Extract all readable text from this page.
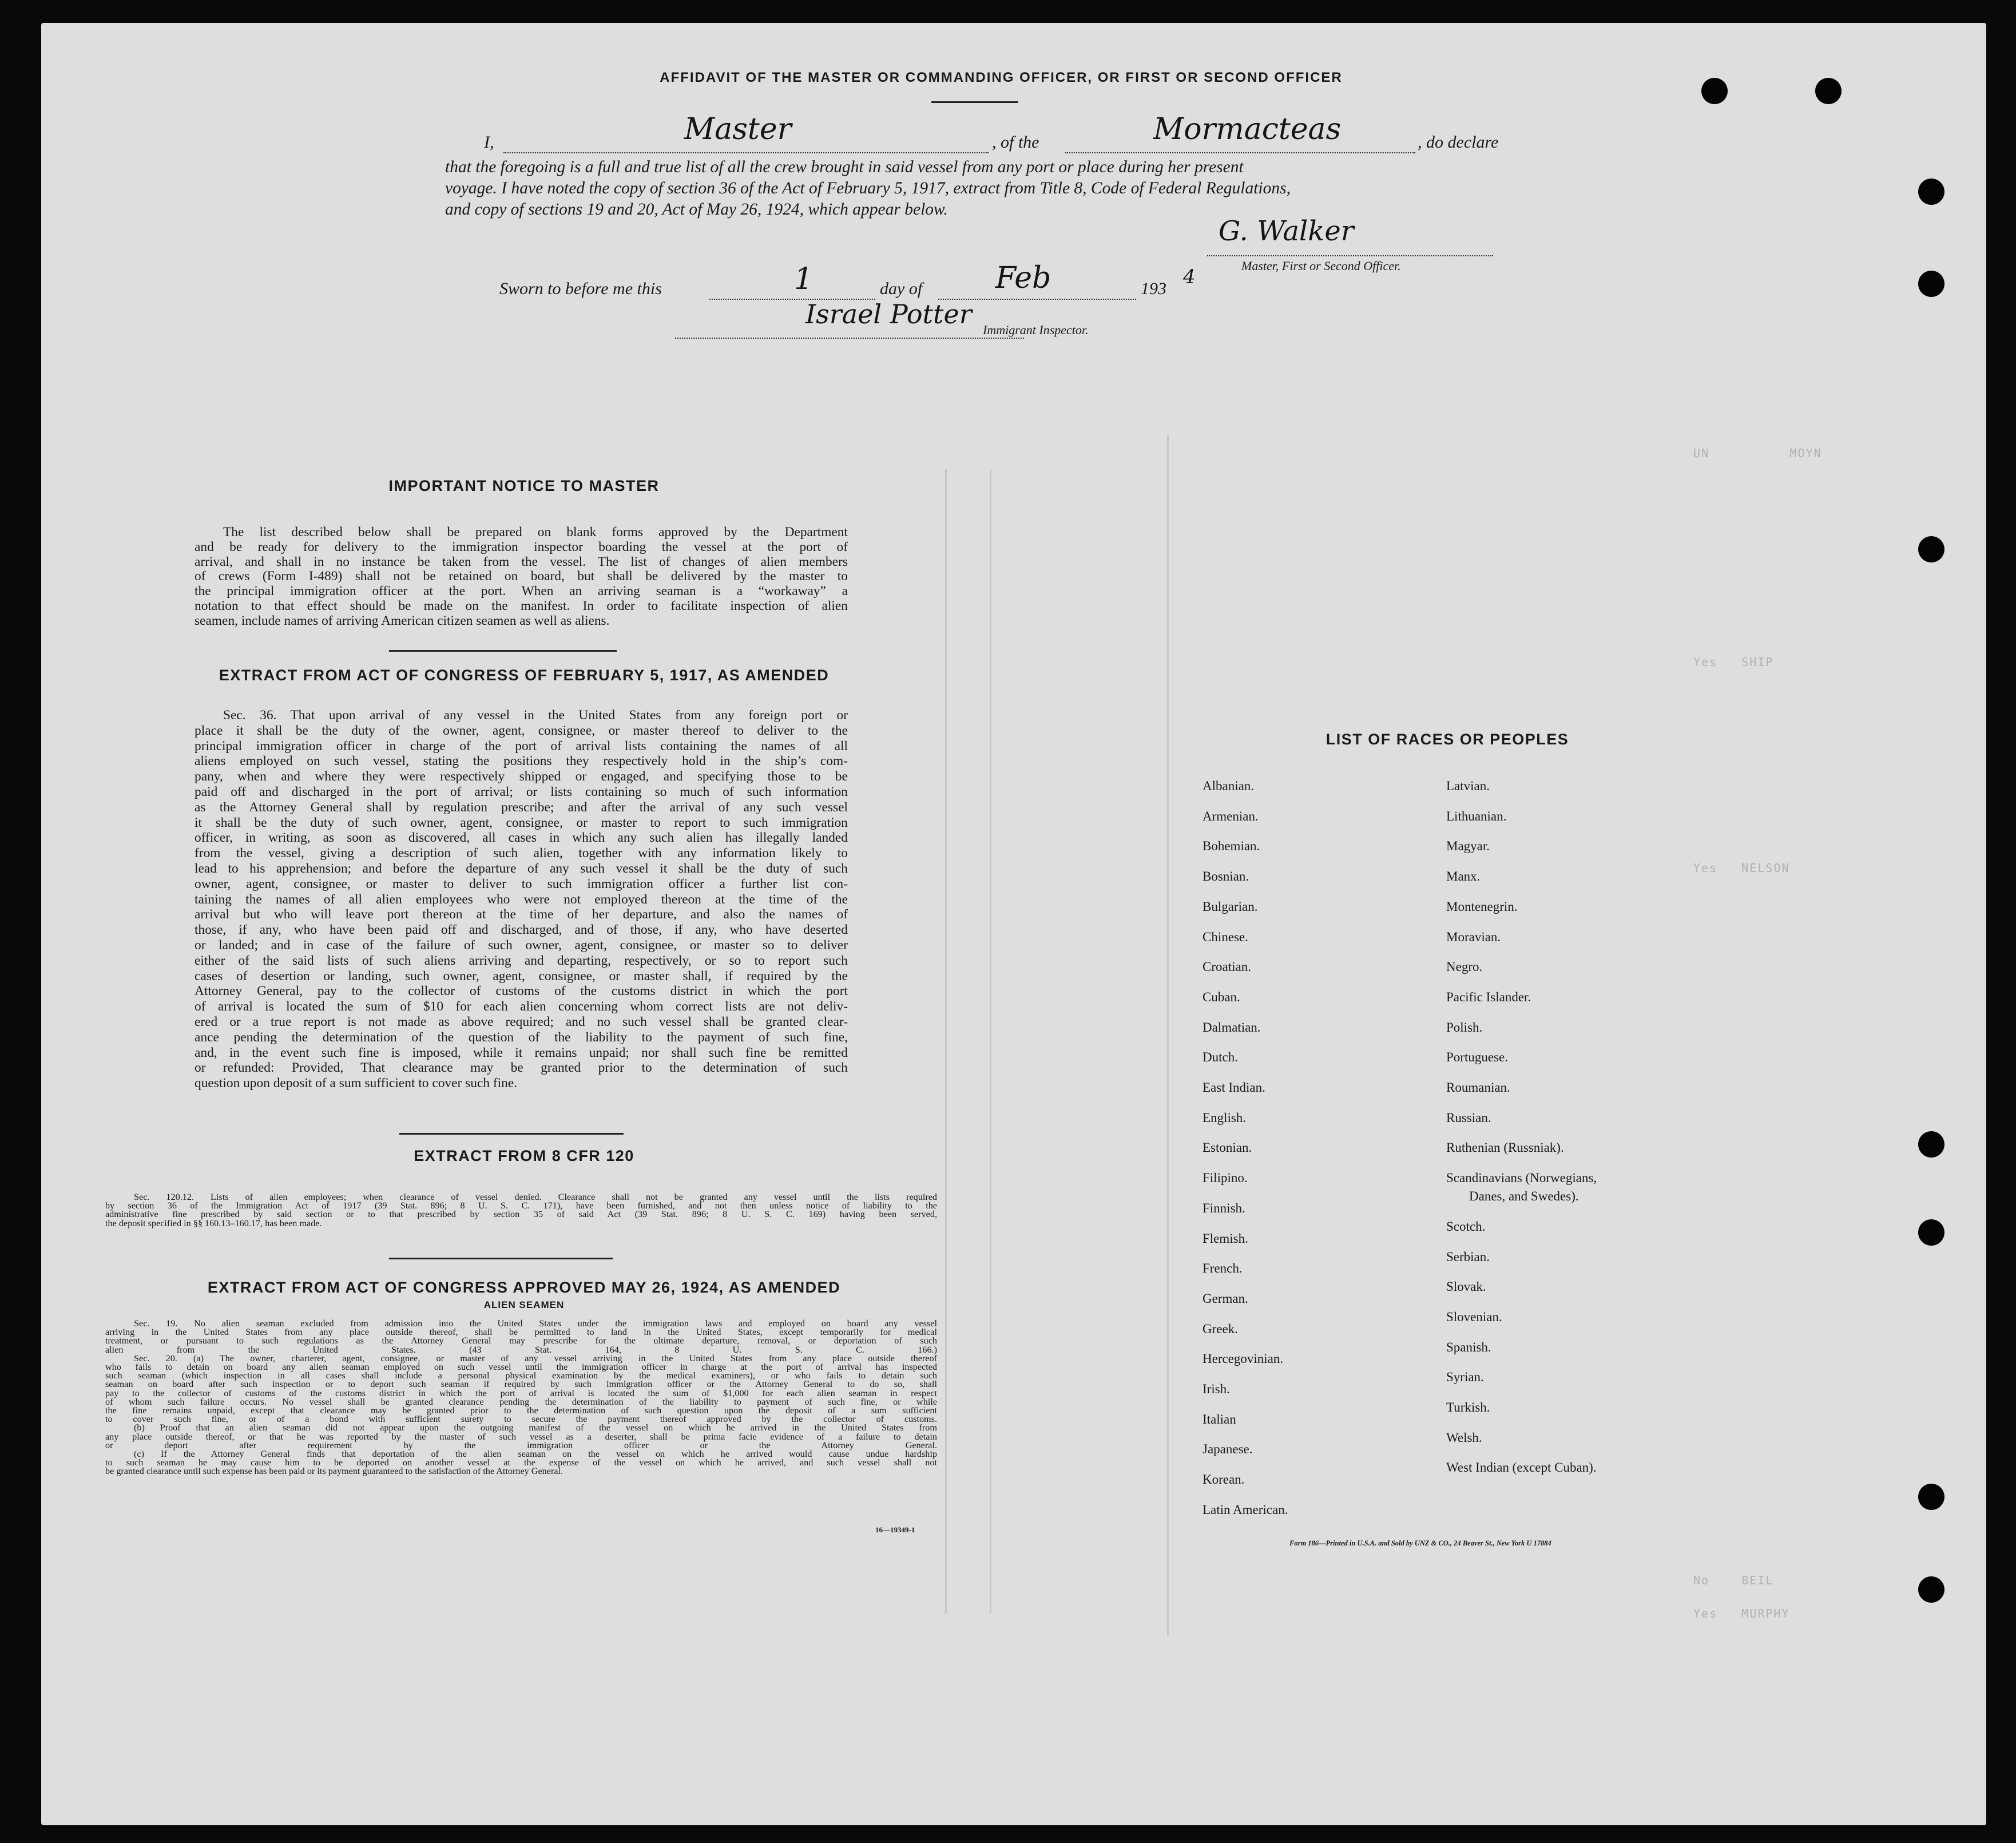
AFFIDAVIT OF THE MASTER OR COMMANDING OFFICER, OR FIRST OR SECOND OFFICER
I,	Master	, of the	Mormacteas	, do declare
that the foregoing is a full and true list of all the crew brought in said vessel from any port or place during her present
voyage. I have noted the copy of section 36 of the Act of February 5, 1917, extract from Title 8, Code of Federal Regulations,
and copy of sections 19 and 20, Act of May 26, 1924, which appear below.
G. Walker
Master, First or Second Officer.
Sworn to before me this	1	day of Feb	193
4
Israel Potter
Immigrant Inspector.
IMPORTANT NOTICE TO MASTER
The list described below shall be prepared on blank forms approved by the Department
and be ready for delivery to the immigration inspector boarding the vessel at the port of
arrival, and shall in no instance be taken from the vessel. The list of changes of alien members
of crews (Form I-489) shall not be retained on board, but shall be delivered by the master to
the principal immigration officer at the port. When an arriving seaman is a “workaway” a
notation to that effect should be made on the manifest. In order to facilitate inspection of alien
seamen, include names of arriving American citizen seamen as well as aliens.
EXTRACT FROM ACT OF CONGRESS OF FEBRUARY 5, 1917, AS AMENDED
Sec. 36. That upon arrival of any vessel in the United States from any foreign port or
place it shall be the duty of the owner, agent, consignee, or master thereof to deliver to the
principal immigration officer in charge of the port of arrival lists containing the names of all
aliens employed on such vessel, stating the positions they respectively hold in the ship’s com-
pany, when and where they were respectively shipped or engaged, and specifying those to be
paid off and discharged in the port of arrival; or lists containing so much of such information
as the Attorney General shall by regulation prescribe; and after the arrival of any such vessel
it shall be the duty of such owner, agent, consignee, or master to report to such immigration
officer, in writing, as soon as discovered, all cases in which any such alien has illegally landed
from the vessel, giving a description of such alien, together with any information likely to
lead to his apprehension; and before the departure of any such vessel it shall be the duty of such
owner, agent, consignee, or master to deliver to such immigration officer a further list con-
taining the names of all alien employees who were not employed thereon at the time of the
arrival but who will leave port thereon at the time of her departure, and also the names of
those, if any, who have been paid off and discharged, and of those, if any, who have deserted
or landed; and in case of the failure of such owner, agent, consignee, or master so to deliver
either of the said lists of such aliens arriving and departing, respectively, or so to report such
cases of desertion or landing, such owner, agent, consignee, or master shall, if required by the
Attorney General, pay to the collector of customs of the customs district in which the port
of arrival is located the sum of $10 for each alien concerning whom correct lists are not deliv-
ered or a true report is not made as above required; and no such vessel shall be granted clear-
ance pending the determination of the question of the liability to the payment of such fine,
and, in the event such fine is imposed, while it remains unpaid; nor shall such fine be remitted
or refunded: Provided, That clearance may be granted prior to the determination of such
question upon deposit of a sum sufficient to cover such fine.
EXTRACT FROM 8 CFR 120
Sec. 120.12. Lists of alien employees; when clearance of vessel denied. Clearance shall not be granted any vessel until the lists required
by section 36 of the Immigration Act of 1917 (39 Stat. 896; 8 U. S. C. 171), have been furnished, and not then unless notice of liability to the
administrative fine prescribed by said section or to that prescribed by section 35 of said Act (39 Stat. 896; 8 U. S. C. 169) having been served,
the deposit specified in §§ 160.13–160.17, has been made.
EXTRACT FROM ACT OF CONGRESS APPROVED MAY 26, 1924, AS AMENDED
ALIEN SEAMEN
Sec. 19. No alien seaman excluded from admission into the United States under the immigration laws and employed on board any vessel
arriving in the United States from any place outside thereof, shall be permitted to land in the United States, except temporarily for medical
treatment, or pursuant to such regulations as the Attorney General may prescribe for the ultimate departure, removal, or deportation of such
alien from the United States. (43 Stat. 164, 8 U. S. C. 166.)
Sec. 20. (a) The owner, charterer, agent, consignee, or master of any vessel arriving in the United States from any place outside thereof
who fails to detain on board any alien seaman employed on such vessel until the immigration officer in charge at the port of arrival has inspected
such seaman (which inspection in all cases shall include a personal physical examination by the medical examiners), or who fails to detain such
seaman on board after such inspection or to deport such seaman if required by such immigration officer or the Attorney General to do so, shall
pay to the collector of customs of the customs district in which the port of arrival is located the sum of $1,000 for each alien seaman in respect
of whom such failure occurs. No vessel shall be granted clearance pending the determination of the liability to payment of such fine, or while
the fine remains unpaid, except that clearance may be granted prior to the determination of such question upon the deposit of a sum sufficient
to cover such fine, or of a bond with sufficient surety to secure the payment thereof approved by the collector of customs.
(b) Proof that an alien seaman did not appear upon the outgoing manifest of the vessel on which he arrived in the United States from
any place outside thereof, or that he was reported by the master of such vessel as a deserter, shall be prima facie evidence of a failure to detain
or deport after requirement by the immigration officer or the Attorney General.
(c) If the Attorney General finds that deportation of the alien seaman on the vessel on which he arrived would cause undue hardship
to such seaman he may cause him to be deported on another vessel at the expense of the vessel on which he arrived, and such vessel shall not
be granted clearance until such expense has been paid or its payment guaranteed to the satisfaction of the Attorney General.
16—19349-1
LIST OF RACES OR PEOPLES
Albanian.
Armenian.
Bohemian.
Bosnian.
Bulgarian.
Chinese.
Croatian.
Cuban.
Dalmatian.
Dutch.
East Indian.
English.
Estonian.
Filipino.
Finnish.
Flemish.
French.
German.
Greek.
Hercegovinian.
Irish.
Italian
Japanese.
Korean.
Latin American.
Latvian.
Lithuanian.
Magyar.
Manx.
Montenegrin.
Moravian.
Negro.
Pacific Islander.
Polish.
Portuguese.
Roumanian.
Russian.
Ruthenian (Russniak).
Scandinavians (Norwegians,
Danes, and Swedes).
Scotch.
Serbian.
Slovak.
Slovenian.
Spanish.
Syrian.
Turkish.
Welsh.
West Indian (except Cuban).
Form 186—Printed in U.S.A. and Sold by UNZ & CO., 24 Beaver St., New York U 17884
UN          MOYN
Yes   SHIP
Yes   NELSON
No    BEIL
Yes   MURPHY
